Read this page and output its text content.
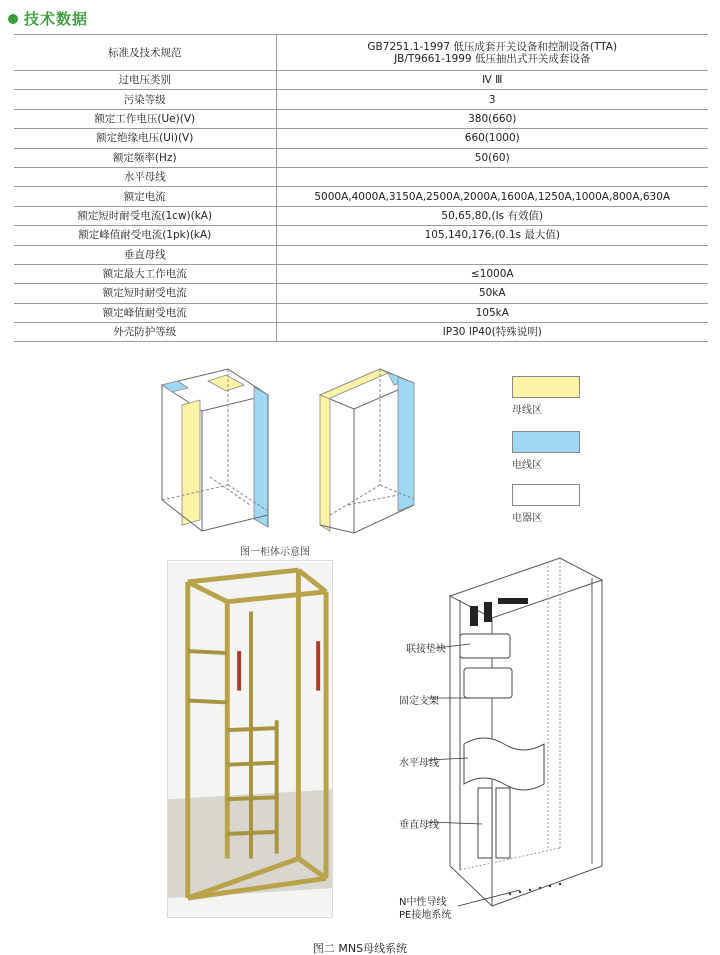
技术数据
标准及技术规范	GB7251.1-1997 低压成套开关设备和控制设备(TTA)
JB/T9661-1999 低压抽出式开关成套设备

过电压类别	Ⅳ Ⅲ

污染等级	3

额定工作电压(Ue)(V)	380(660)

额定绝缘电压(Ui)(V)	660(1000)

额定频率(Hz)	50(60)

水平母线	

额定电流	5000A,4000A,3150A,2500A,2000A,1600A,1250A,1000A,800A,630A

额定短时耐受电流(1cw)(kA)	50,65,80,(Is 有效值)

额定峰值耐受电流(1pk)(kA)	105,140,176,(0.1s 最大值)

垂直母线	

额定最大工作电流	≤1000A

额定短时耐受电流	50kA

额定峰值耐受电流	105kA

外壳防护等级	IP30 IP40(特殊说明)
图一柜体示意图
母线区
电线区
电器区
联接垫块
固定支架
水平母线
垂直母线
N中性导线
PE接地系统
图二 MNS母线系统
